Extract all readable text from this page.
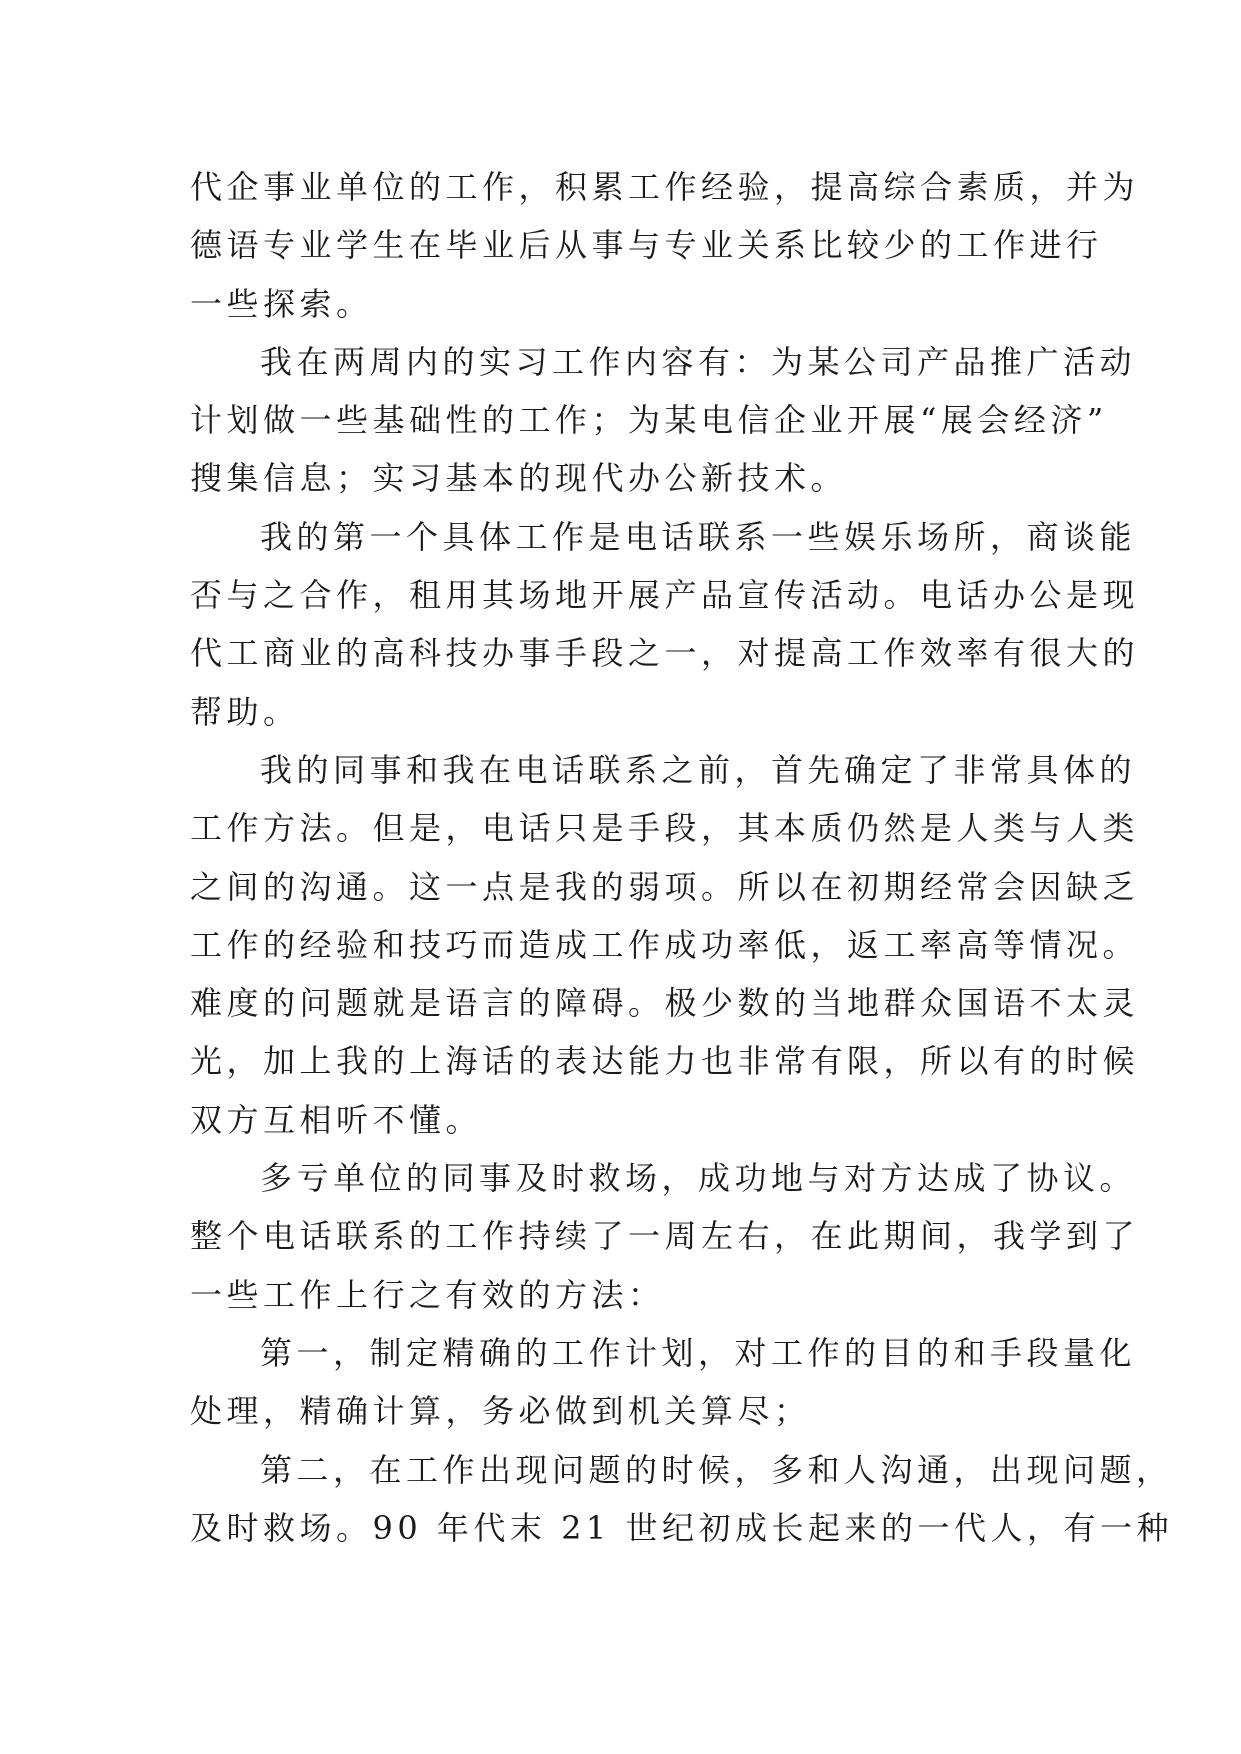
代企事业单位的工作，积累工作经验，提高综合素质，并为
德语专业学生在毕业后从事与专业关系比较少的工作进行
一些探索。

我在两周内的实习工作内容有：为某公司产品推广活动
计划做一些基础性的工作；为某电信企业开展“展会经济”
搜集信息；实习基本的现代办公新技术。

我的第一个具体工作是电话联系一些娱乐场所，商谈能
否与之合作，租用其场地开展产品宣传活动。电话办公是现
代工商业的高科技办事手段之一，对提高工作效率有很大的
帮助。

我的同事和我在电话联系之前，首先确定了非常具体的
工作方法。但是，电话只是手段，其本质仍然是人类与人类
之间的沟通。这一点是我的弱项。所以在初期经常会因缺乏
工作的经验和技巧而造成工作成功率低，返工率高等情况。
难度的问题就是语言的障碍。极少数的当地群众国语不太灵
光，加上我的上海话的表达能力也非常有限，所以有的时候
双方互相听不懂。

多亏单位的同事及时救场，成功地与对方达成了协议。
整个电话联系的工作持续了一周左右，在此期间，我学到了
一些工作上行之有效的方法：

第一，制定精确的工作计划，对工作的目的和手段量化
处理，精确计算，务必做到机关算尽；

第二，在工作出现问题的时候，多和人沟通，出现问题，
及时救场。90 年代末 21 世纪初成长起来的一代人，有一种
